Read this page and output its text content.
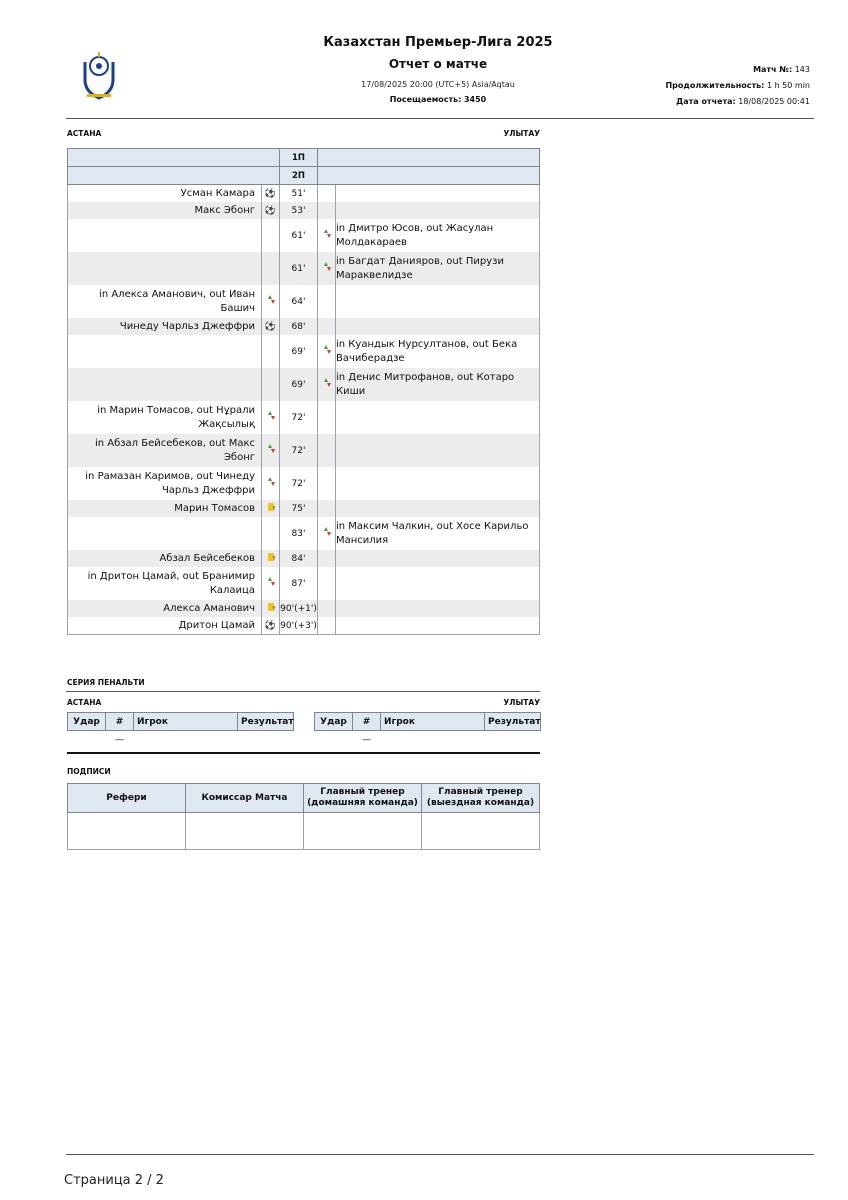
Казахстан Премьер-Лига 2025
Отчет о матче
17/08/2025 20:00 (UTC+5) Asia/Aqtau
Посещаемость: 3450
Матч №: 143
Продолжительность: 1 h 50 min
Дата отчета: 18/08/2025 00:41
АСТАНА	УЛЫТАУ
		1П		
		2П		
Усман Камара	⚽	51'		
Макс Эбонг	⚽	53'		
		61'		in Дмитро Юсов, out Жасулан Молдакараев
		61'		in Багдат Данияров, out Пирузи Мараквелидзе
in Алекса Аманович, out Иван Башич		64'		
Чинеду Чарльз Джеффри	⚽	68'		
		69'		in Куандык Нурсултанов, out Бека Вачиберадзе
		69'		in Денис Митрофанов, out Котаро Киши
in Марин Томасов, out Нұрали Жақсылық		72'		
in Абзал Бейсебеков, out Макс Эбонг		72'		
in Рамазан Каримов, out Чинеду Чарльз Джеффри		72'		
Марин Томасов	Y	75'		
		83'		in Максим Чалкин, out Хосе Карильо Мансилия
Абзал Бейсебеков	Y	84'		
in Дритон Цамай, out Бранимир Калаица		87'		
Алекса Аманович	Y	90'(+1')		
Дритон Цамай	⚽	90'(+3')		
СЕРИЯ ПЕНАЛЬТИ
АСТАНА	УЛЫТАУ
Удар	#	Игрок	Результат
	—		
Удар	#	Игрок	Результат
	—		
ПОДПИСИ
Рефери	Комиссар Матча	Главный тренер (домашняя команда)	Главный тренер (выездная команда)

Страница 2 / 2
